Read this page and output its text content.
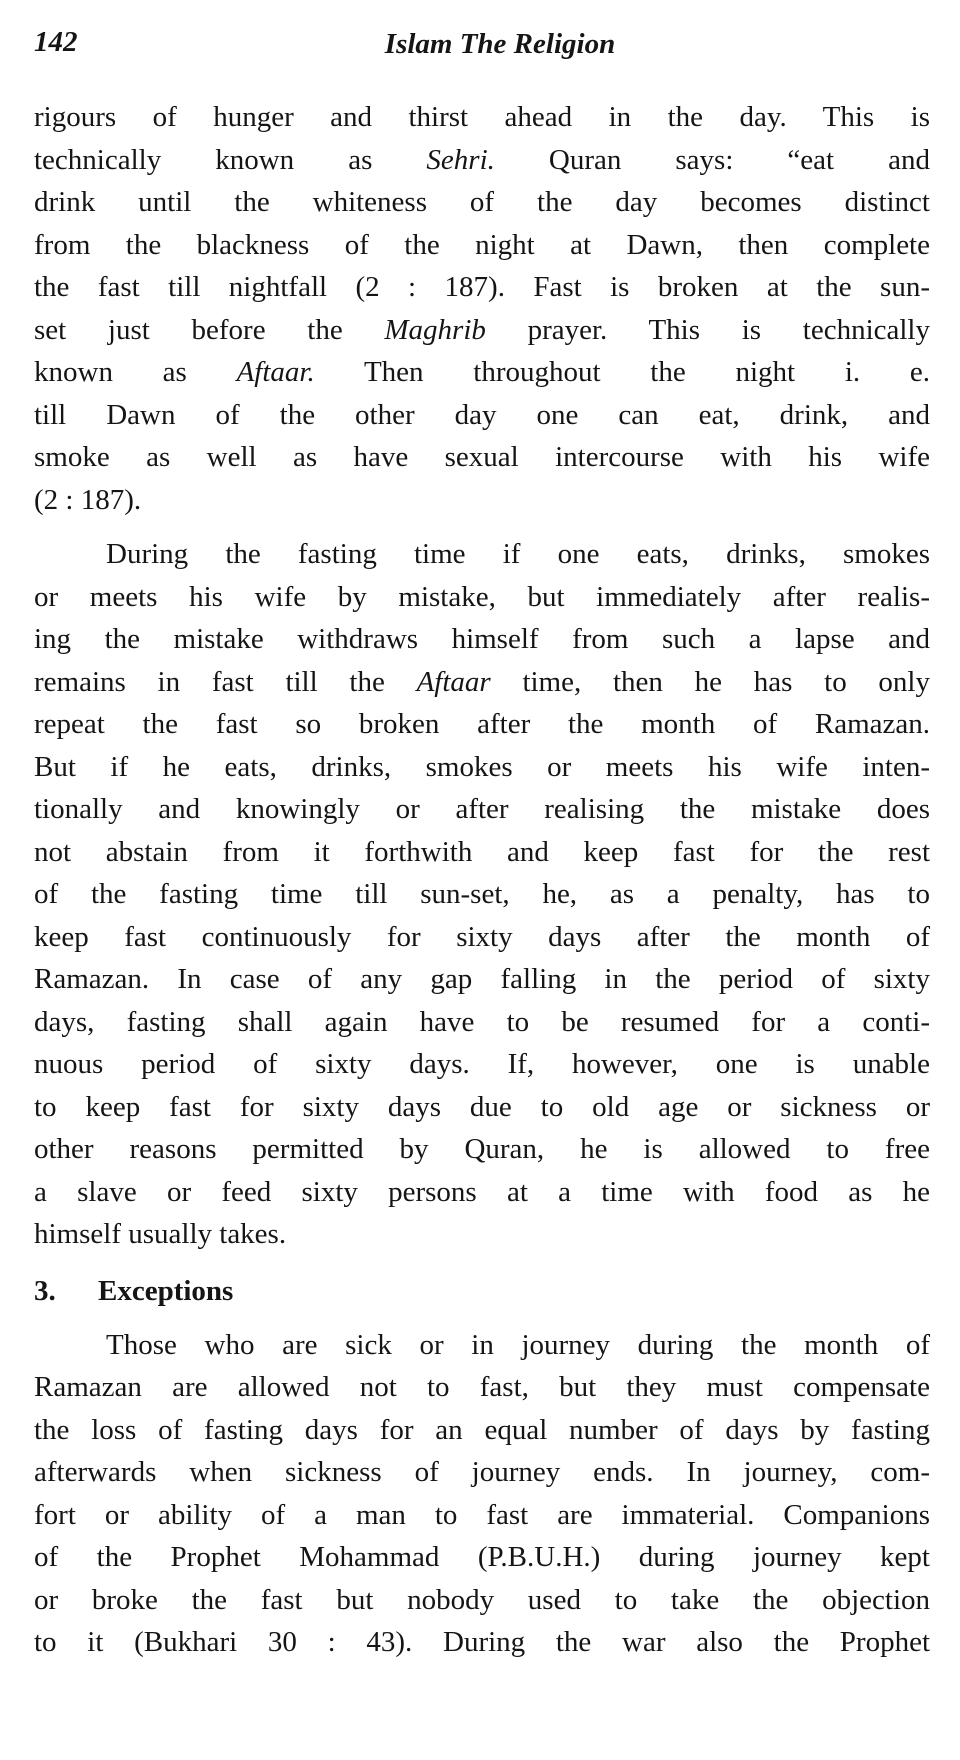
142	Islam The Religion

rigours of hunger and thirst ahead in the day. This is
technically known as Sehri. Quran says: “eat and
drink until the whiteness of the day becomes distinct
from the blackness of the night at Dawn, then complete
the fast till nightfall (2 : 187). Fast is broken at the sun-
set just before the Maghrib prayer. This is technically
known as Aftaar. Then throughout the night i. e.
till Dawn of the other day one can eat, drink, and
smoke as well as have sexual intercourse with his wife
(2 : 187).

During the fasting time if one eats, drinks, smokes
or meets his wife by mistake, but immediately after realis-
ing the mistake withdraws himself from such a lapse and
remains in fast till the Aftaar time, then he has to only
repeat the fast so broken after the month of Ramazan.
But if he eats, drinks, smokes or meets his wife inten-
tionally and knowingly or after realising the mistake does
not abstain from it forthwith and keep fast for the rest
of the fasting time till sun-set, he, as a penalty, has to
keep fast continuously for sixty days after the month of
Ramazan. In case of any gap falling in the period of sixty
days, fasting shall again have to be resumed for a conti-
nuous period of sixty days. If, however, one is unable
to keep fast for sixty days due to old age or sickness or
other reasons permitted by Quran, he is allowed to free
a slave or feed sixty persons at a time with food as he
himself usually takes.

3. Exceptions

Those who are sick or in journey during the month of
Ramazan are allowed not to fast, but they must compensate
the loss of fasting days for an equal number of days by fasting
afterwards when sickness of journey ends. In journey, com-
fort or ability of a man to fast are immaterial. Companions
of the Prophet Mohammad (P.B.U.H.) during journey kept
or broke the fast but nobody used to take the objection
to it (Bukhari 30 : 43). During the war also the Prophet
